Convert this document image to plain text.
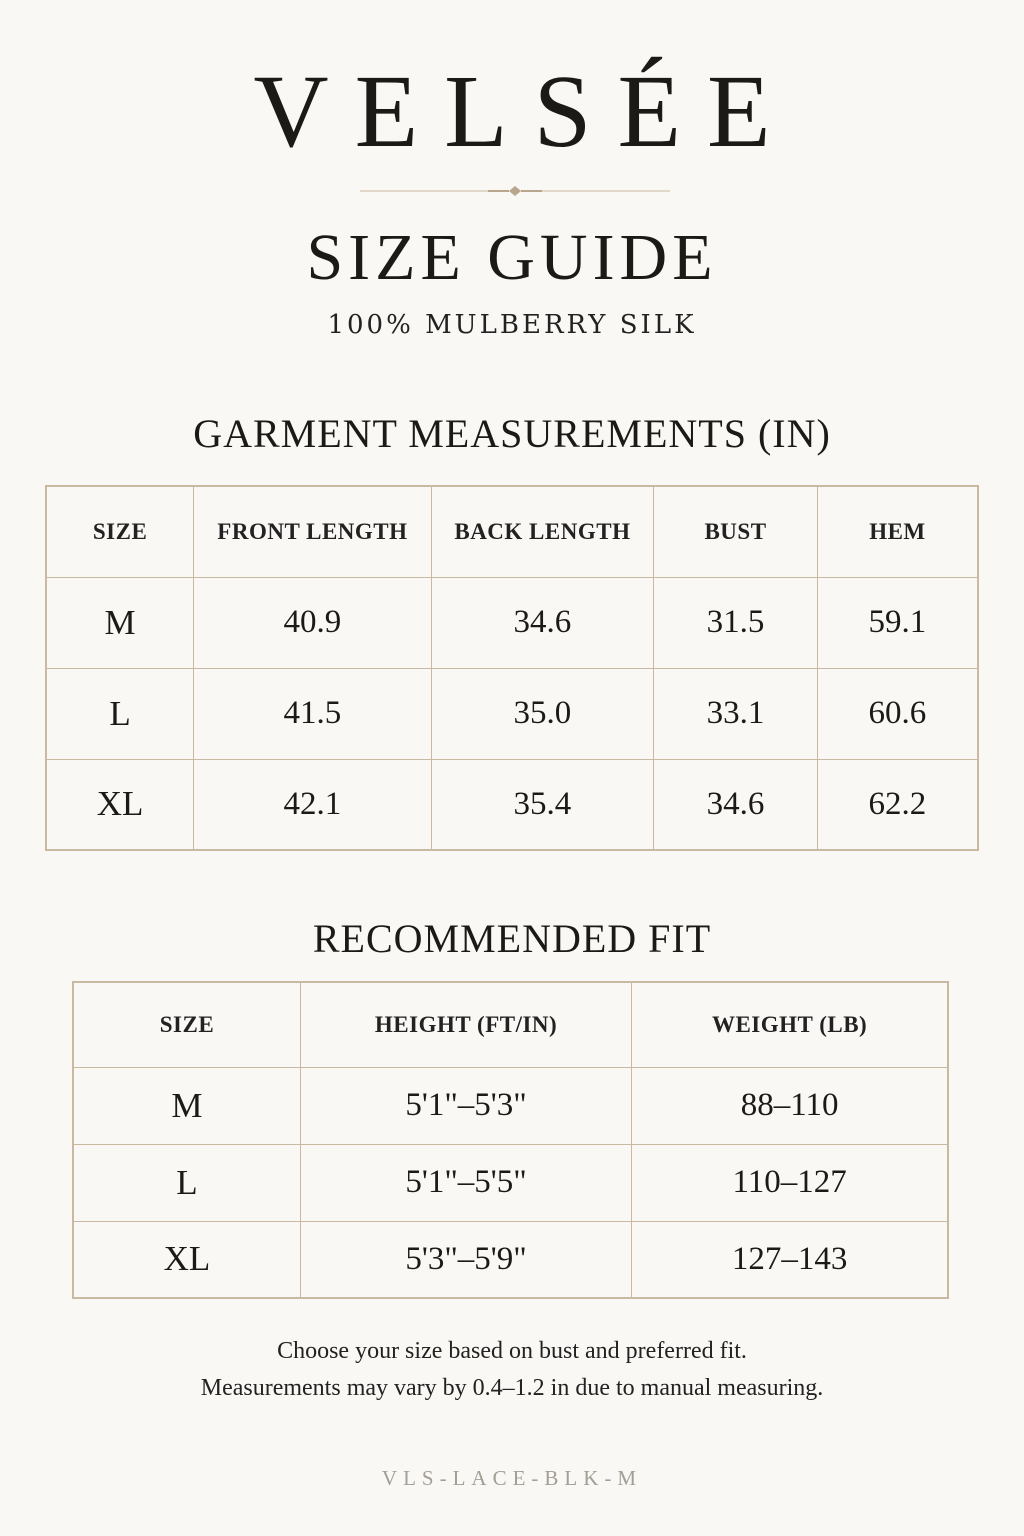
VELSÉE
SIZE GUIDE
100% MULBERRY SILK
GARMENT MEASUREMENTS (IN)
SIZE	FRONT LENGTH	BACK LENGTH	BUST	HEM
M	40.9	34.6	31.5	59.1
L	41.5	35.0	33.1	60.6
XL	42.1	35.4	34.6	62.2
RECOMMENDED FIT
SIZE	HEIGHT (FT/IN)	WEIGHT (LB)
M	5'1"–5'3"	88–110
L	5'1"–5'5"	110–127
XL	5'3"–5'9"	127–143
Choose your size based on bust and preferred fit.
Measurements may vary by 0.4–1.2 in due to manual measuring.
VLS-LACE-BLK-M
